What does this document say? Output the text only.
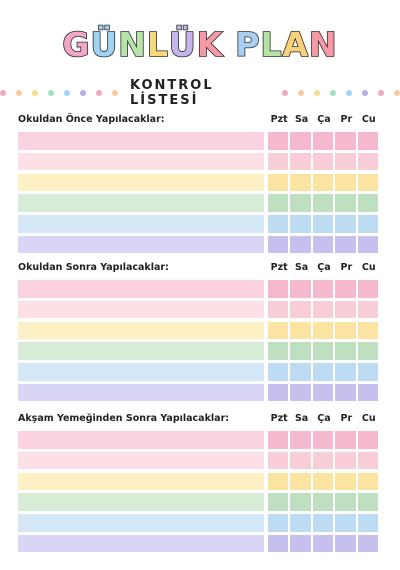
G Ü N L Ü K P L A N
KONTROL LİSTESİ
Okuldan Önce Yapılacaklar:	Pzt Sa Ça	Pr	Cu
Okuldan Sonra Yapılacaklar:	Pzt Sa Ça	Pr	Cu
Akşam Yemeğinden Sonra Yapılacaklar:	Pzt Sa Ça	Pr	Cu
